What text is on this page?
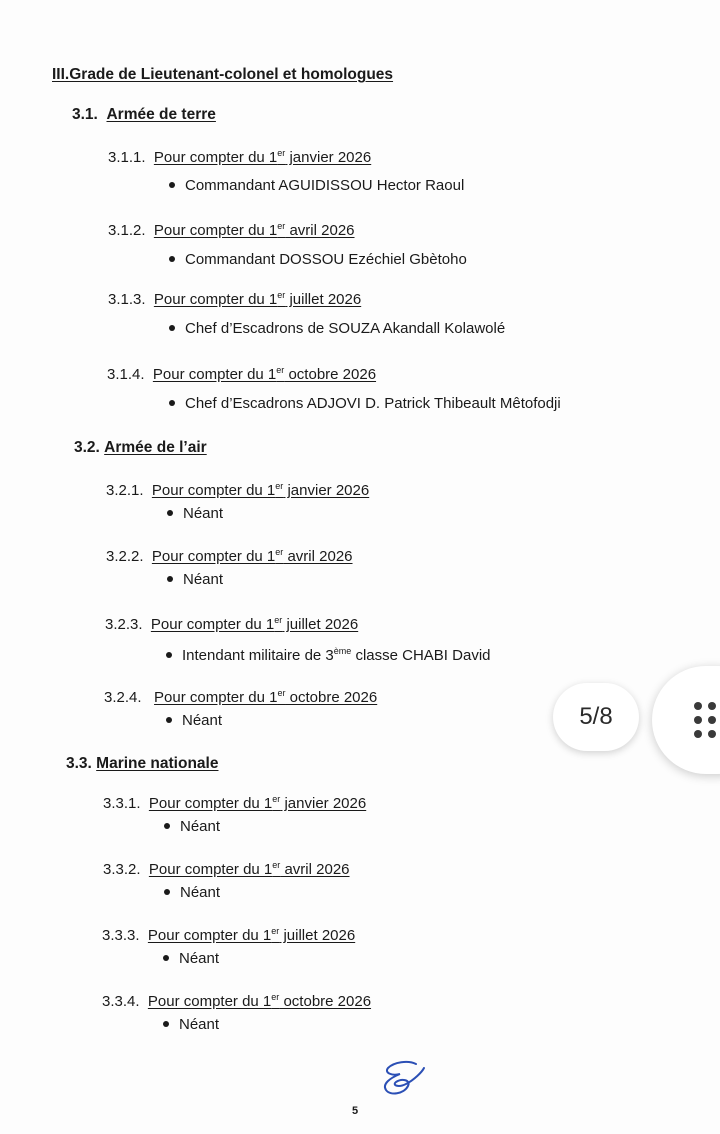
III.Grade de Lieutenant-colonel et homologues
3.1. Armée de terre
3.1.1. Pour compter du 1er janvier 2026
Commandant AGUIDISSOU Hector Raoul
3.1.2. Pour compter du 1er avril 2026
Commandant DOSSOU Ezéchiel Gbètoho
3.1.3. Pour compter du 1er juillet 2026
Chef d’Escadrons de SOUZA Akandall Kolawolé
3.1.4. Pour compter du 1er octobre 2026
Chef d’Escadrons ADJOVI D. Patrick Thibeault Mêtofodji
3.2. Armée de l’air
3.2.1. Pour compter du 1er janvier 2026
Néant
3.2.2. Pour compter du 1er avril 2026
Néant
3.2.3. Pour compter du 1er juillet 2026
Intendant militaire de 3ème classe CHABI David
3.2.4. Pour compter du 1er octobre 2026
Néant
3.3. Marine nationale
3.3.1. Pour compter du 1er janvier 2026
Néant
3.3.2. Pour compter du 1er avril 2026
Néant
3.3.3. Pour compter du 1er juillet 2026
Néant
3.3.4. Pour compter du 1er octobre 2026
Néant
5
5/8
